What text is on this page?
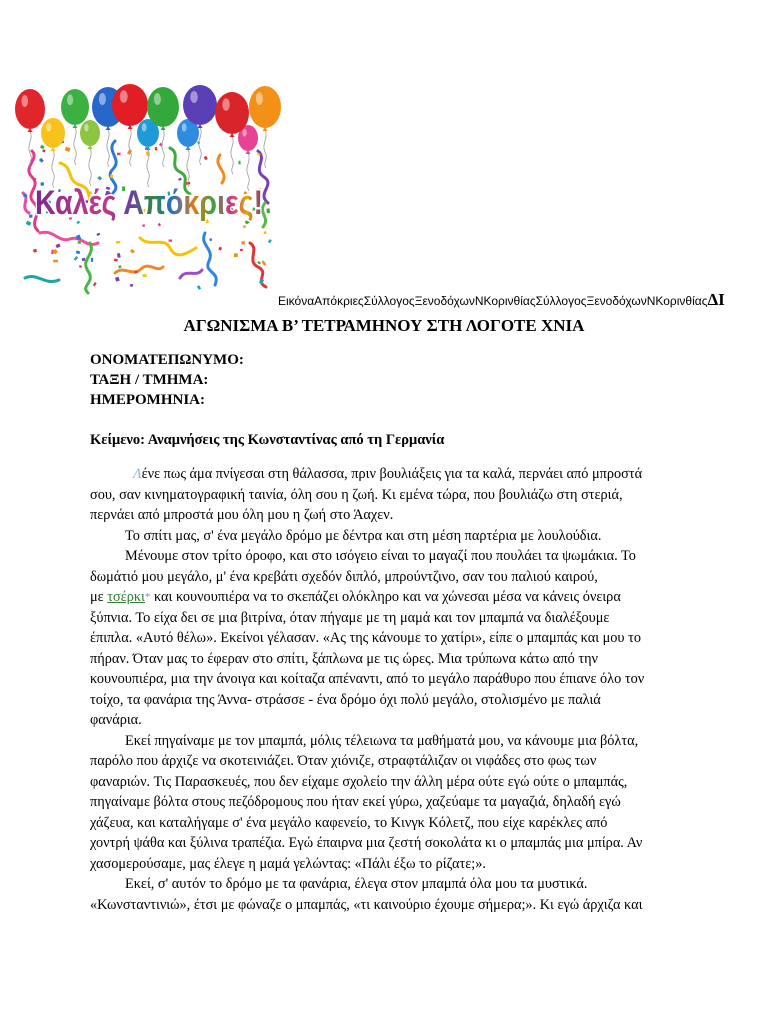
Καλές Απόκριες!
ΕικόναΑπόκριεςΣύλλογοςΞενοδόχωνΝΚορινθίαςΣύλλογοςΞενοδόχωνΝΚορινθίαςΔΙ
ΑΓΩΝΙΣΜΑ Β’ ΤΕΤΡΑΜΗΝΟΥ ΣΤΗ ΛΟΓΟΤΕ ΧΝΙΑ
ΟΝΟΜΑΤΕΠΩΝΥΜΟ:
ΤΑΞΗ / ΤΜΗΜΑ:
ΗΜΕΡΟΜΗΝΙΑ:
Κείμενο: Αναμνήσεις της Κωνσταντίνας από τη Γερμανία
Λένε πως άμα πνίγεσαι στη θάλασσα, πριν βουλιάξεις για τα καλά, περνάει από μπροστά
σου, σαν κινηματογραφική ταινία, όλη σου η ζωή. Κι εμένα τώρα, που βουλιάζω στη στεριά,
περνάει από μπροστά μου όλη μου η ζωή στο Άαχεν.
Το σπίτι μας, σ' ένα μεγάλο δρόμο με δέντρα και στη μέση παρτέρια με λουλούδια.
Μένουμε στον τρίτο όροφο, και στο ισόγειο είναι το μαγαζί που πουλάει τα ψωμάκια. Το
δωμάτιό μου μεγάλο, μ' ένα κρεβάτι σχεδόν διπλό, μπρούντζινο, σαν του παλιού καιρού,
με τσέρκι* και κουνουπιέρα να το σκεπάζει ολόκληρο και να χώνεσαι μέσα να κάνεις όνειρα
ξύπνια. Το είχα δει σε μια βιτρίνα, όταν πήγαμε με τη μαμά και τον μπαμπά να διαλέξουμε
έπιπλα. «Αυτό θέλω». Εκείνοι γέλασαν. «Ας της κάνουμε το χατίρι», είπε ο μπαμπάς και μου το
πήραν. Όταν μας το έφεραν στο σπίτι, ξάπλωνα με τις ώρες. Μια τρύπωνα κάτω από την
κουνουπιέρα, μια την άνοιγα και κοίταζα απέναντι, από το μεγάλο παράθυρο που έπιανε όλο τον
τοίχο, τα φανάρια της Άννα- στράσσε - ένα δρόμο όχι πολύ μεγάλο, στολισμένο με παλιά
φανάρια.
Εκεί πηγαίναμε με τον μπαμπά, μόλις τέλειωνα τα μαθήματά μου, να κάνουμε μια βόλτα,
παρόλο που άρχιζε να σκοτεινιάζει. Όταν χιόνιζε, στραφτάλιζαν οι νιφάδες στο φως των
φαναριών. Τις Παρασκευές, που δεν είχαμε σχολείο την άλλη μέρα ούτε εγώ ούτε ο μπαμπάς,
πηγαίναμε βόλτα στους πεζόδρομους που ήταν εκεί γύρω, χαζεύαμε τα μαγαζιά, δηλαδή εγώ
χάζευα, και καταλήγαμε σ' ένα μεγάλο καφενείο, το Κινγκ Κόλετζ, που είχε καρέκλες από
χοντρή ψάθα και ξύλινα τραπέζια. Εγώ έπαιρνα μια ζεστή σοκολάτα κι ο μπαμπάς μια μπίρα. Αν
χασομερούσαμε, μας έλεγε η μαμά γελώντας: «Πάλι έξω το ρίζατε;».
Εκεί, σ' αυτόν το δρόμο με τα φανάρια, έλεγα στον μπαμπά όλα μου τα μυστικά.
«Κωνσταντινιώ», έτσι με φώναζε ο μπαμπάς, «τι καινούριο έχουμε σήμερα;». Κι εγώ άρχιζα και
